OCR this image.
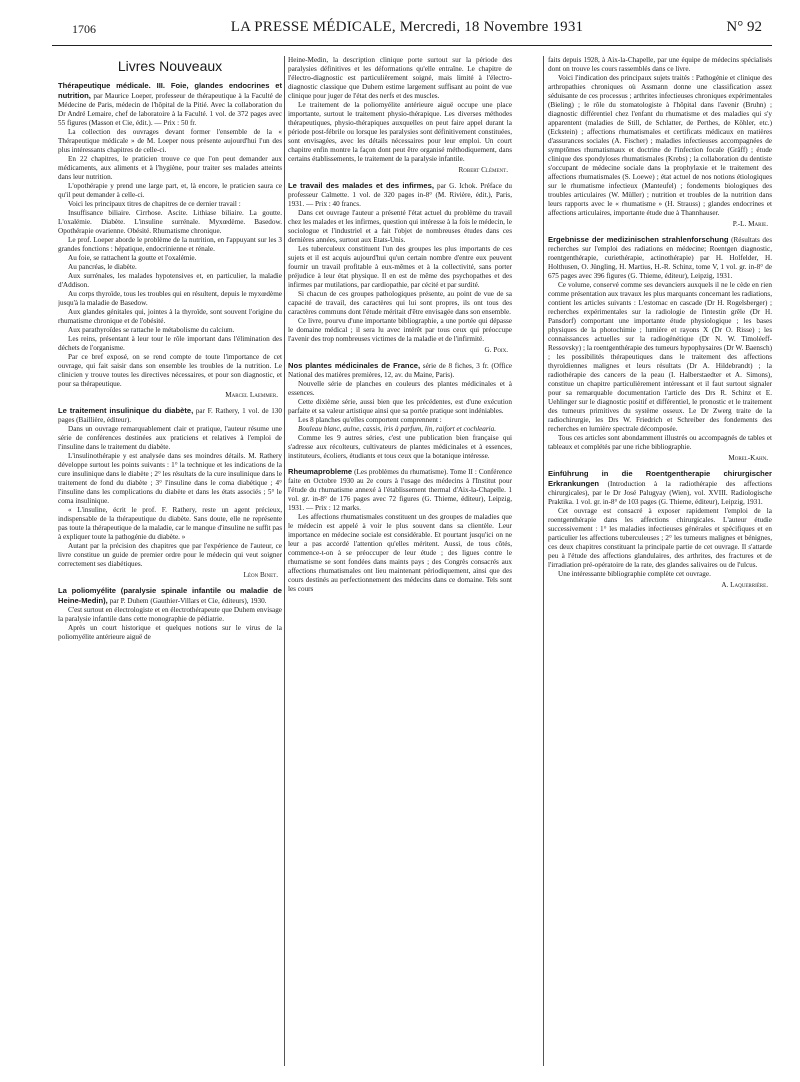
1706	LA PRESSE MÉDICALE, Mercredi, 18 Novembre 1931	N° 92
Livres Nouveaux

Thérapeutique médicale. III. Foie, glandes endocrines et nutrition, par Maurice Loeper, professeur de thérapeutique à la Faculté de Médecine de Paris, médecin de l'hôpital de la Pitié. Avec la collaboration du Dr André Lemaire, chef de laboratoire à la Faculté. 1 vol. de 372 pages avec 55 figures (Masson et Cie, édit.). — Prix : 50 fr.

La collection des ouvrages devant former l'ensemble de la « Thérapeutique médicale » de M. Loeper nous présente aujourd'hui l'un des plus intéressants chapitres de celle-ci.

En 22 chapitres, le praticien trouve ce que l'on peut demander aux médicaments, aux aliments et à l'hygiène, pour traiter ses malades atteints dans leur nutrition.

L'opothérapie y prend une large part, et, là encore, le praticien saura ce qu'il peut demander à celle-ci.

Voici les principaux titres de chapitres de ce dernier travail :

Insuffisance biliaire. Cirrhose. Ascite. Lithiase biliaire. La goutte. L'oxalémie. Diabète. L'insuline surrénale. Myxœdème. Basedow. Opothérapie ovarienne. Obésité. Rhumatisme chronique.

Le prof. Loeper aborde le problème de la nutrition, en l'appuyant sur les 3 grandes fonctions : hépatique, endocrinienne et rénale.

Au foie, se rattachent la goutte et l'oxalémie.

Au pancréas, le diabète.

Aux surrénales, les malades hypotensives et, en particulier, la maladie d'Addison.

Au corps thyroïde, tous les troubles qui en résultent, depuis le myxœdème jusqu'à la maladie de Basedow.

Aux glandes génitales qui, jointes à la thyroïde, sont souvent l'origine du rhumatisme chronique et de l'obésité.

Aux parathyroïdes se rattache le métabolisme du calcium.

Les reins, présentant à leur tour le rôle important dans l'élimination des déchets de l'organisme.

Par ce bref exposé, on se rend compte de toute l'importance de cet ouvrage, qui fait saisir dans son ensemble les troubles de la nutrition. Le clinicien y trouve toutes les directives nécessaires, et pour son diagnostic, et pour sa thérapeutique.

Marcel Laemmer.

Le traitement insulinique du diabète, par F. Rathery, 1 vol. de 130 pages (Baillière, éditeur).

Dans un ouvrage remarquablement clair et pratique, l'auteur résume une série de conférences destinées aux praticiens et relatives à l'emploi de l'insuline dans le traitement du diabète.

L'insulinothérapie y est analysée dans ses moindres détails. M. Rathery développe surtout les points suivants : 1° la technique et les indications de la cure insulinique dans le diabète ; 2° les résultats de la cure insulinique dans le traitement de fond du diabète ; 3° l'insuline dans le coma diabétique ; 4° l'insuline dans les complications du diabète et dans les états associés ; 5° le coma insulinique.

« L'insuline, écrit le prof. F. Rathery, reste un agent précieux, indispensable de la thérapeutique du diabète. Sans doute, elle ne représente pas toute la thérapeutique de la maladie, car le manque d'insuline ne suffit pas à expliquer toute la pathogénie du diabète. »

Autant par la précision des chapitres que par l'expérience de l'auteur, ce livre constitue un guide de premier ordre pour le médecin qui veut soigner correctement ses diabétiques.

Léon Binet.

La poliomyélite (paralysie spinale infantile ou maladie de Heine-Medin), par P. Duhem (Gauthier-Villars et Cie, éditeurs), 1930.

C'est surtout en électrologiste et en électrothérapeute que Duhem envisage la paralysie infantile dans cette monographie de pédiatrie.

Après un court historique et quelques notions sur le virus de la poliomyélite antérieure aiguë de

Heine-Medin, la description clinique porte surtout sur la période des paralysies définitives et les déformations qu'elle entraîne. Le chapitre de l'électro-diagnostic est particulièrement soigné, mais limité à l'électro-diagnostic classique que Duhem estime largement suffisant au point de vue clinique pour juger de l'état des nerfs et des muscles.

Le traitement de la poliomyélite antérieure aiguë occupe une place importante, surtout le traitement physio-thérapique. Les diverses méthodes thérapeutiques, physio-thérapiques auxquelles on peut faire appel durant la période post-fébrile ou lorsque les paralysies sont définitivement constituées, sont envisagées, avec les détails nécessaires pour leur emploi. Un court chapitre enfin montre la façon dont peut être organisé méthodiquement, dans certains établissements, le traitement de la paralysie infantile.

Robert Clément.

Le travail des malades et des infirmes, par G. Ichok. Préface du professeur Calmette. 1 vol. de 320 pages in-8° (M. Rivière, édit.), Paris, 1931. — Prix : 40 francs.

Dans cet ouvrage l'auteur a présenté l'état actuel du problème du travail chez les malades et les infirmes, question qui intéresse à la fois le médecin, le sociologue et l'industriel et a fait l'objet de nombreuses études dans ces dernières années, surtout aux Etats-Unis.

Les tuberculeux constituent l'un des groupes les plus importants de ces sujets et il est acquis aujourd'hui qu'un certain nombre d'entre eux peuvent fournir un travail profitable à eux-mêmes et à la collectivité, sans porter préjudice à leur état physique. Il en est de même des psychopathes et des infirmes par mutilations, par cardiopathie, par cécité et par surdité.

Si chacun de ces groupes pathologiques présente, au point de vue de sa capacité de travail, des caractères qui lui sont propres, ils ont tous des caractères communs dont l'étude méritait d'être envisagée dans son ensemble.

Ce livre, pourvu d'une importante bibliographie, a une portée qui dépasse le domaine médical ; il sera lu avec intérêt par tous ceux qui préoccupe l'avenir des trop nombreuses victimes de la maladie et de l'infirmité.

G. Poix.

Nos plantes médicinales de France, série de 8 fiches, 3 fr. (Office National des matières premières, 12, av. du Maine, Paris).

Nouvelle série de planches en couleurs des plantes médicinales et à essences.

Cette dixième série, aussi bien que les précédentes, est d'une exécution parfaite et sa valeur artistique ainsi que sa portée pratique sont indéniables.

Les 8 planches qu'elles comportent comprennent :

Bouleau blanc, aulne, cassis, iris à parfum, lin, raifort et cochlearia.

Comme les 9 autres séries, c'est une publication bien française qui s'adresse aux récolteurs, cultivateurs de plantes médicinales et à essences, instituteurs, écoliers, étudiants et tous ceux que la botanique intéresse.

Rheumaprobleme (Les problèmes du rhumatisme). Tome II : Conférence faite en Octobre 1930 au 2e cours à l'usage des médecins à l'Institut pour l'étude du rhumatisme annexé à l'établissement thermal d'Aix-la-Chapelle. 1 vol. gr. in-8° de 176 pages avec 72 figures (G. Thieme, éditeur), Leipzig, 1931. — Prix : 12 marks.

Les affections rhumatismales constituent un des groupes de maladies que le médecin est appelé à voir le plus souvent dans sa clientèle. Leur importance en médecine sociale est considérable. Et pourtant jusqu'ici on ne leur a pas accordé l'attention qu'elles méritent. Aussi, de tous côtés, commence-t-on à se préoccuper de leur étude ; des ligues contre le rhumatisme se sont fondées dans maints pays ; des Congrès consacrés aux affections rhumatismales ont lieu maintenant périodiquement, ainsi que des cours destinés au perfectionnement des médecins dans ce domaine. Tels sont les cours

faits depuis 1928, à Aix-la-Chapelle, par une équipe de médecins spécialisés dont on trouve les cours rassemblés dans ce livre.

Voici l'indication des principaux sujets traités : Pathogénie et clinique des arthropathies chroniques où Assmann donne une classification assez séduisante de ces processus ; arthrites infectieuses chroniques expérimentales (Bieling) ; le rôle du stomatologiste à l'hôpital dans l'avenir (Bruhn) ; diagnostic différentiel chez l'enfant du rhumatisme et des maladies qui s'y apparentent (maladies de Still, de Schlatter, de Perthes, de Köhler, etc.) (Eckstein) ; affections rhumatismales et certificats médicaux en matières d'assurances sociales (A. Fischer) ; maladies infectieuses accompagnées de symptômes rhumatismaux et doctrine de l'infection focale (Gräff) ; étude clinique des spondyloses rhumatismales (Krebs) ; la collaboration du dentiste s'occupant de médecine sociale dans la prophylaxie et le traitement des affections rhumatismales (S. Loewe) ; état actuel de nos notions étiologiques sur le rhumatisme infectieux (Manteufel) ; fondements biologiques des troubles articulaires (W. Müller) ; nutrition et troubles de la nutrition dans leurs rapports avec le « rhumatisme » (H. Strauss) ; glandes endocrines et affections articulaires, importante étude due à Thannhauser.

P.-L. Marie.

Ergebnisse der medizinischen strahlenforschung (Résultats des recherches sur l'emploi des radiations en médecine; Roentgen diagnostic, roentgenthérapie, curiethérapie, actinothérapie) par H. Holfelder, H. Holthusen, O. Jüngling, H. Martius, H.-R. Schinz, tome V, 1 vol. gr. in-8° de 675 pages avec 396 figures (G. Thieme, éditeur), Leipzig, 1931.

Ce volume, conservé comme ses devanciers auxquels il ne le cède en rien comme présentation aux travaux les plus marquants concernant les radiations, contient les articles suivants : L'estomac en cascade (Dr H. Rogelsberger) ; recherches expérimentales sur la radiologie de l'intestin grêle (Dr H. Pansdorf) comportant une importante étude physiologique ; les bases physiques de la photochimie ; lumière et rayons X (Dr O. Risse) ; les connaissances actuelles sur la radiogénétique (Dr N. W. Timoléeff-Ressovsky) ; la roentgenthérapie des tumeurs hypophysaires (Dr W. Baensch) ; les possibilités thérapeutiques dans le traitement des affections thyroïdiennes malignes et leurs résultats (Dr A. Hildebrandt) ; la radiothérapie des cancers de la peau (I. Halberstaedter et A. Simons), constitue un chapitre particulièrement intéressant et il faut surtout signaler pour sa remarquable documentation l'article des Drs R. Schinz et E. Uehlinger sur le diagnostic positif et différentiel, le pronostic et le traitement des tumeurs primitives du système osseux. Le Dr Zwerg traite de la radiochirurgie, les Drs W. Friedrich et Schreiber des fondements des recherches en lumière spectrale décomposée.

Tous ces articles sont abondamment illustrés ou accompagnés de tables et tableaux et complétés par une riche bibliographie.

Morel-Kahn.

Einführung in die Roentgentherapie chirurgischer Erkrankungen (Introduction à la radiothérapie des affections chirurgicales), par le Dr José Palugyay (Wien), vol. XVIII. Radiologische Praktika. 1 vol. gr. in-8° de 103 pages (G. Thieme, éditeur), Leipzig, 1931.

Cet ouvrage est consacré à exposer rapidement l'emploi de la roentgenthérapie dans les affections chirurgicales. L'auteur étudie successivement : 1° les maladies infectieuses générales et spécifiques et en particulier les affections tuberculeuses ; 2° les tumeurs malignes et bénignes, ces deux chapitres constituant la principale partie de cet ouvrage. Il s'attarde peu à l'étude des affections glandulaires, des arthrites, des fractures et de l'irradiation pré-opératoire de la rate, des glandes salivaires ou de l'ulcus.

Une intéressante bibliographie complète cet ouvrage.

A. Laquerrière.
